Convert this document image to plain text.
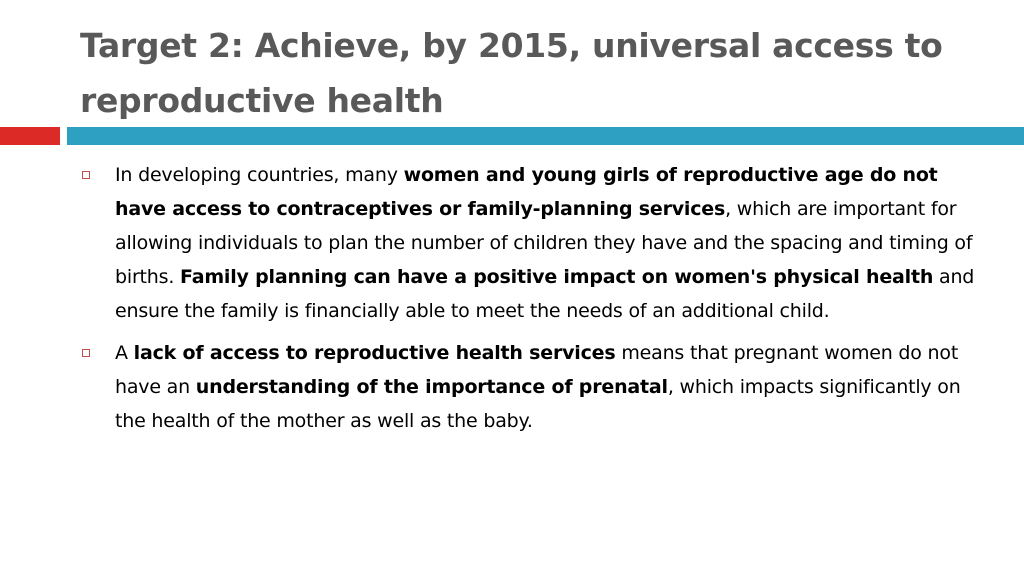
Target 2: Achieve, by 2015, universal access to reproductive health
In developing countries, many women and young girls of reproductive age do not have access to contraceptives or family-planning services, which are important for allowing individuals to plan the number of children they have and the spacing and timing of births. Family planning can have a positive impact on women's physical health and ensure the family is financially able to meet the needs of an additional child.
A lack of access to reproductive health services means that pregnant women do not have an understanding of the importance of prenatal, which impacts significantly on the health of the mother as well as the baby.
